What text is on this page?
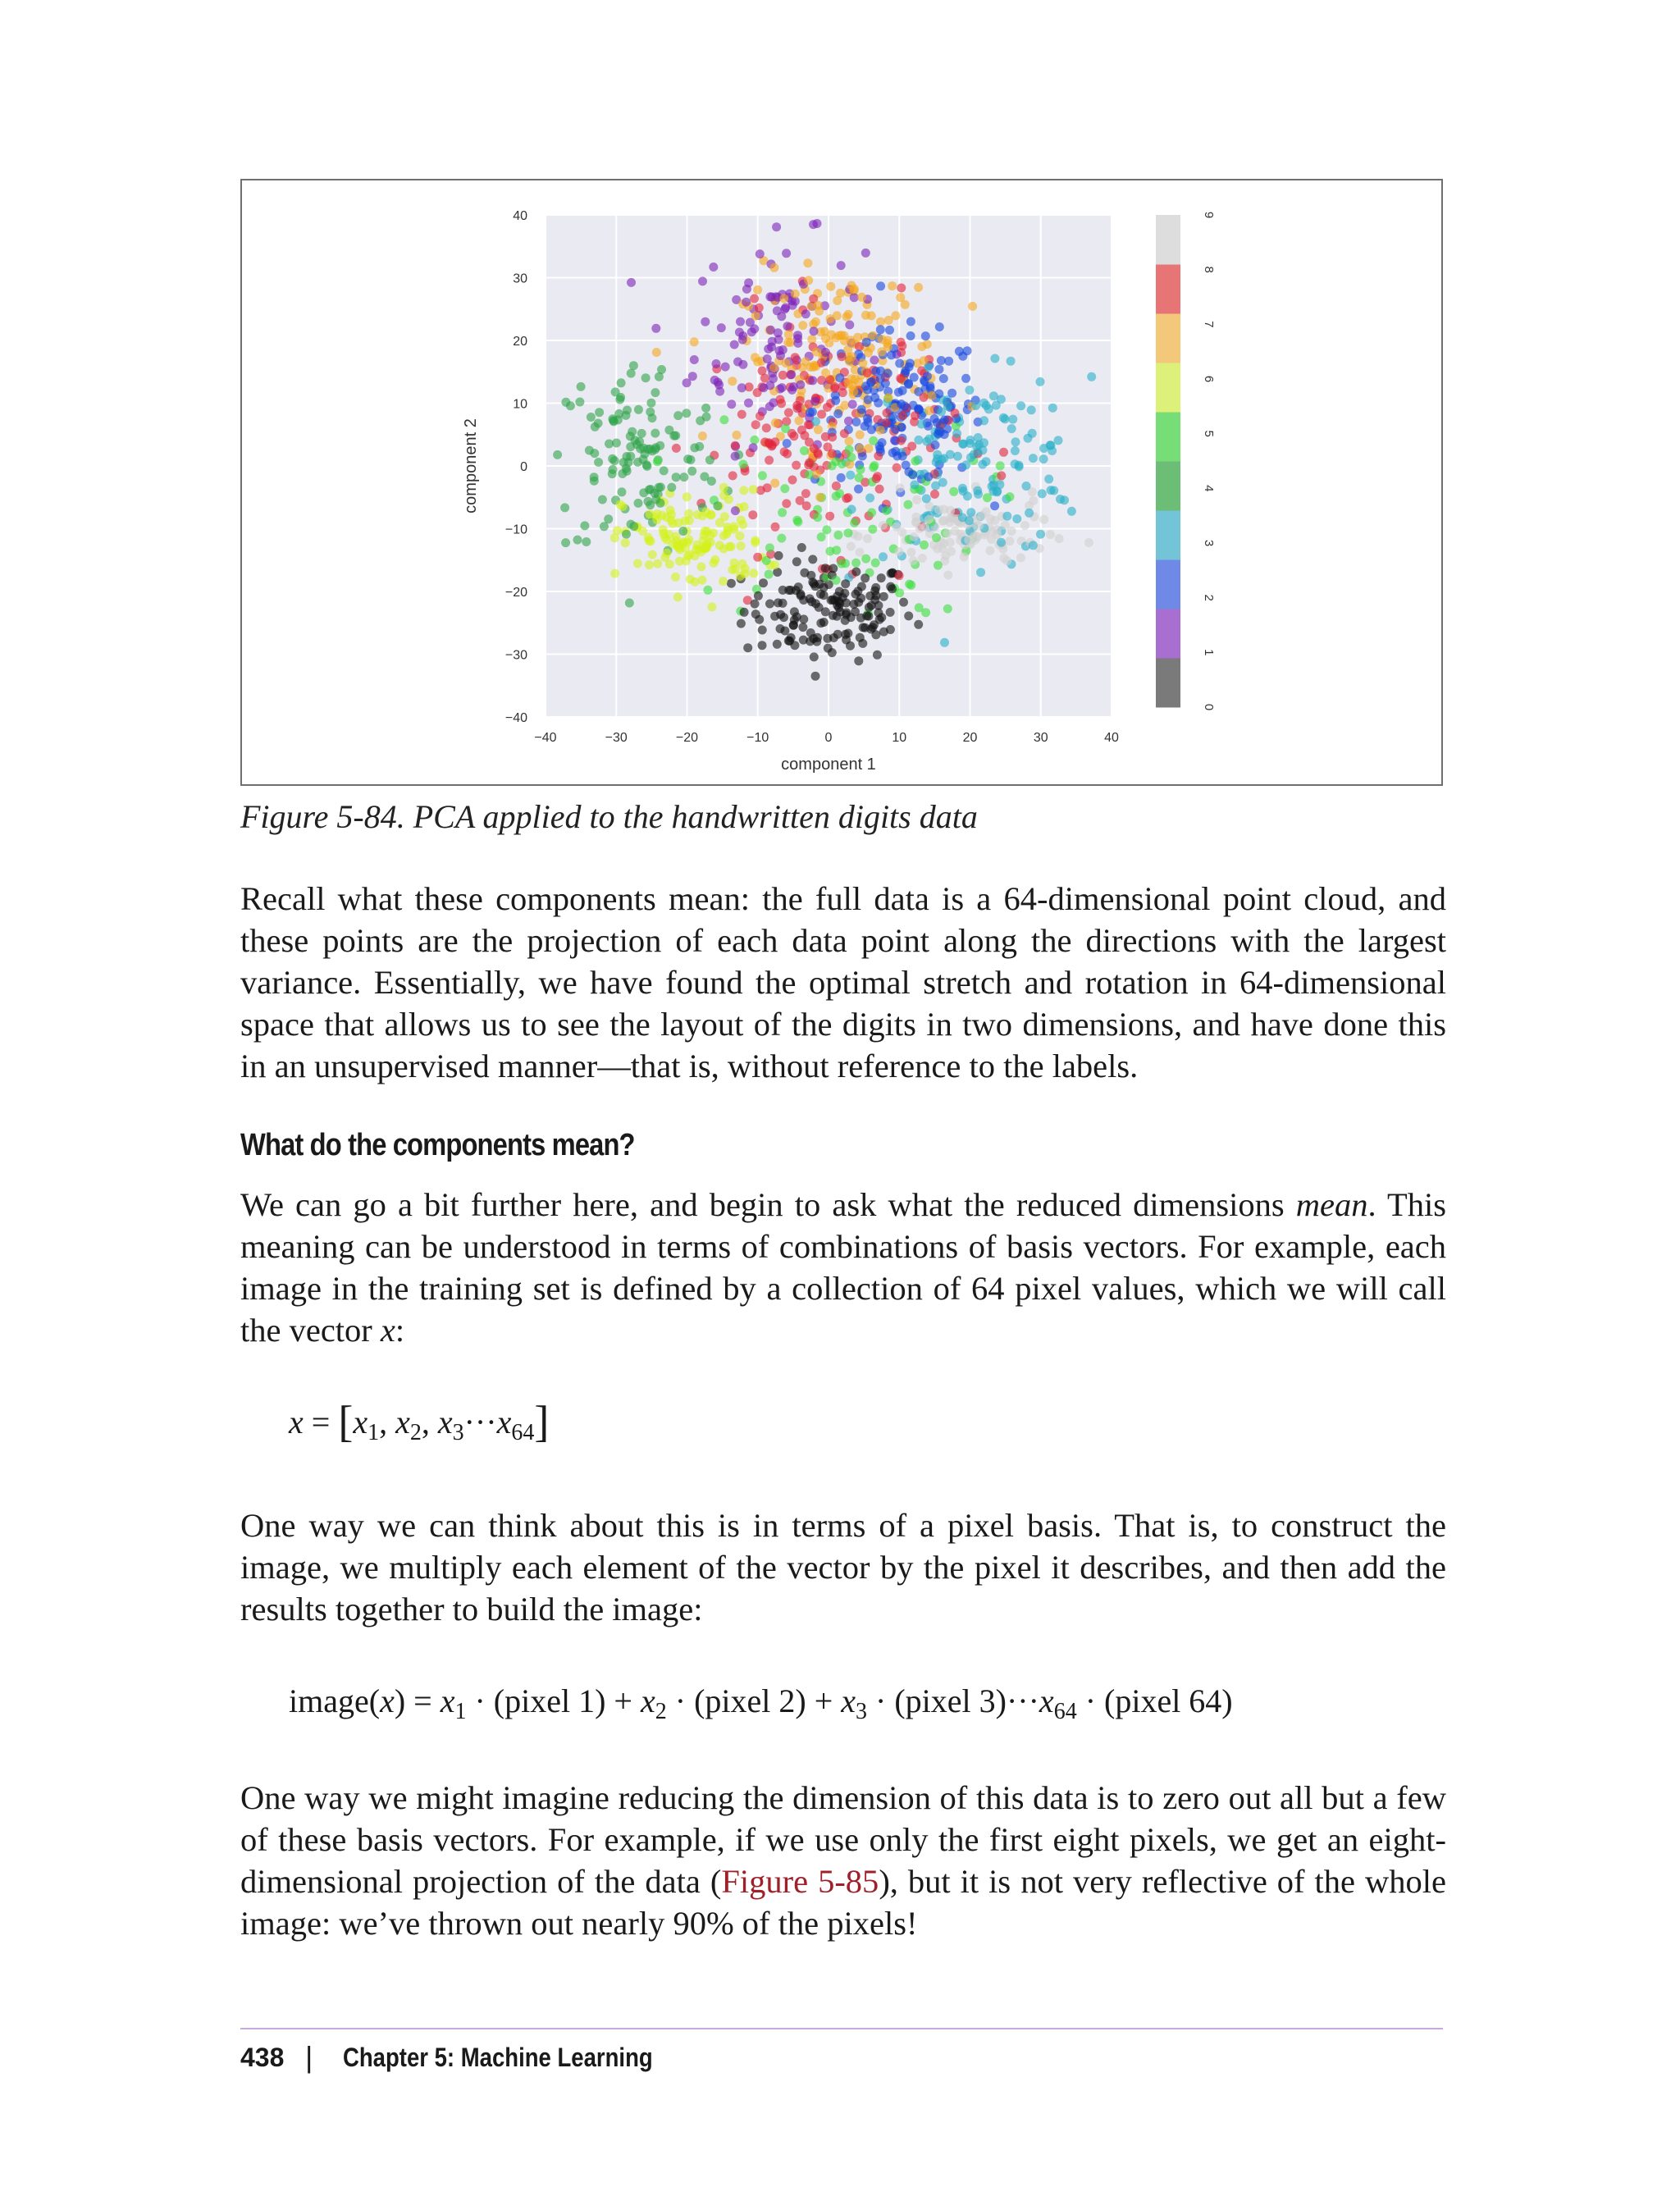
−40	−30	−20	−10	0	10	20	30	40
40
30
20
10
0
−10
−20
−30
−40
component 1
component 2
0
1
2
3
4
5
6
7
8
9
Figure 5-84. PCA applied to the handwritten digits data

Recall what these components mean: the full data is a 64-dimensional point cloud, and these points are the projection of each data point along the directions with the largest variance. Essentially, we have found the optimal stretch and rotation in 64-dimensional space that allows us to see the layout of the digits in two dimensions, and have done this in an unsupervised manner—that is, without reference to the labels.

What do the components mean?

We can go a bit further here, and begin to ask what the reduced dimensions mean. This meaning can be understood in terms of combinations of basis vectors. For example, each image in the training set is defined by a collection of 64 pixel values, which we will call the vector x:

$x = [x_1$, $x_2$, $x_3\cdot\cdot\cdot x_{64}$]

One way we can think about this is in terms of a pixel basis. That is, to construct the image, we multiply each element of the vector by the pixel it describes, and then add the results together to build the image:

image(x) = $x_1$ · (pixel $1) + x_2$ · (pixel $2) + x_3$ · (pixel $3)\cdot\cdot\cdot x_{64}$ · (pixel 64)

One way we might imagine reducing the dimension of this data is to zero out all but a few of these basis vectors. For example, if we use only the first eight pixels, we get an eight-dimensional projection of the data (Figure 5-85), but it is not very reflective of the whole image: we’ve thrown out nearly 90% of the pixels!

438 | Chapter 5: Machine Learning
